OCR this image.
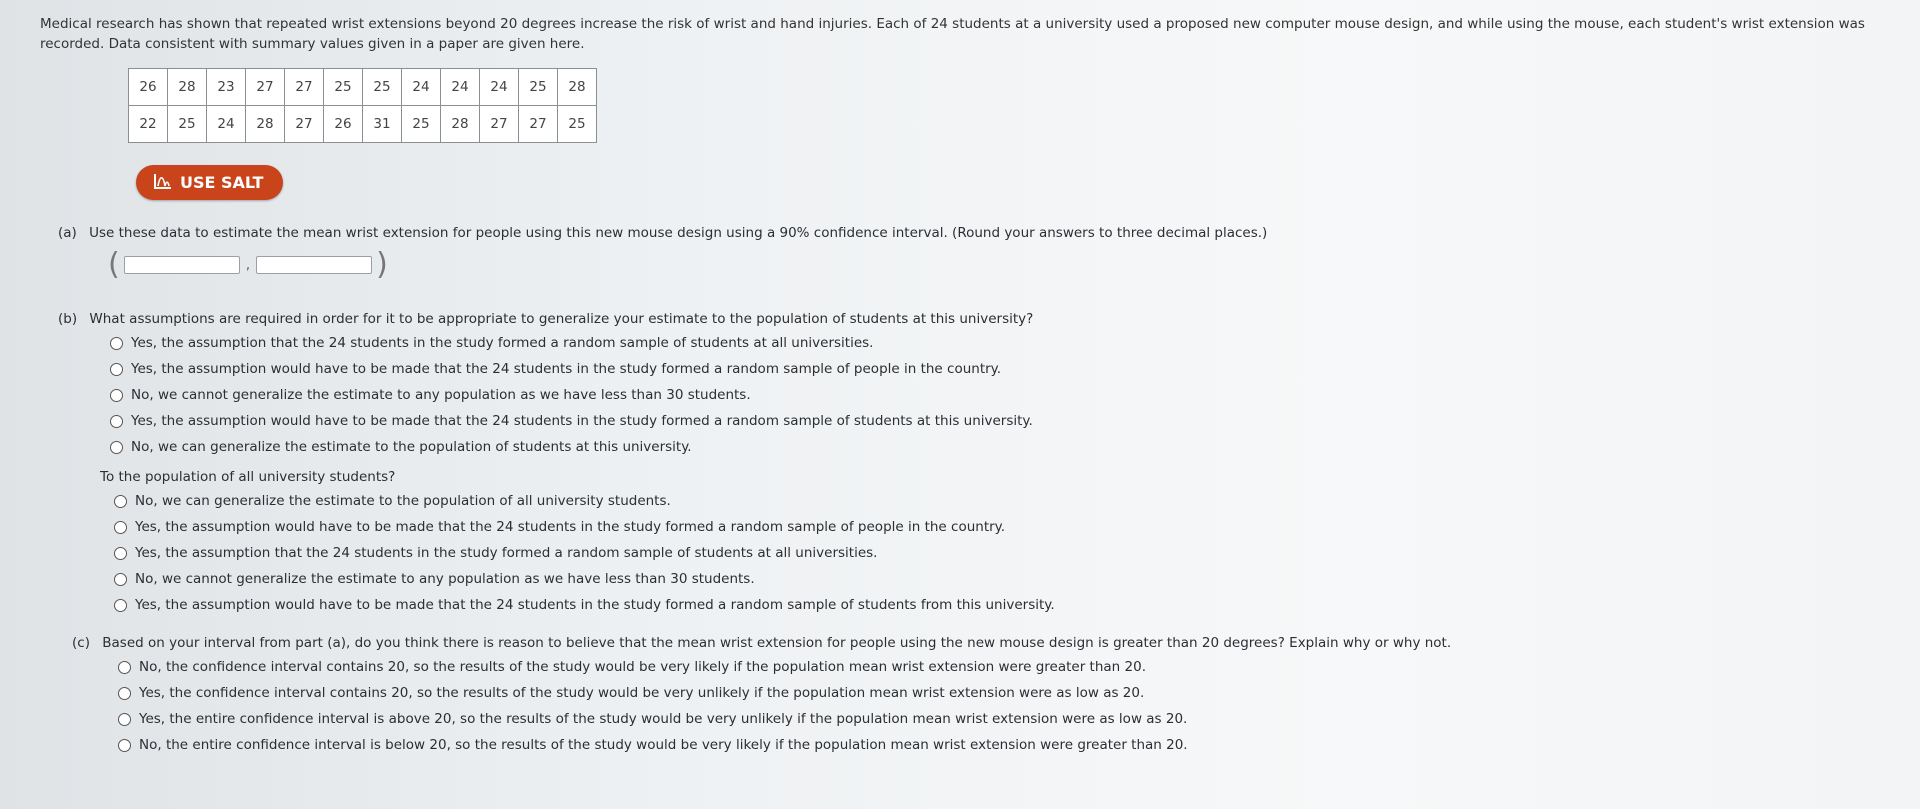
Medical research has shown that repeated wrist extensions beyond 20 degrees increase the risk of wrist and hand injuries. Each of 24 students at a university used a proposed new computer mouse design, and while using the mouse, each student's wrist extension was recorded. Data consistent with summary values given in a paper are given here.

26	28	23	27	27	25	25	24	24	24	25	28
22	25	24	28	27	26	31	25	28	27	27	25
USE SALT
(a) Use these data to estimate the mean wrist extension for people using this new mouse design using a 90% confidence interval. (Round your answers to three decimal places.)
(	,	)
(b) What assumptions are required in order for it to be appropriate to generalize your estimate to the population of students at this university?
Yes, the assumption that the 24 students in the study formed a random sample of students at all universities.
Yes, the assumption would have to be made that the 24 students in the study formed a random sample of people in the country.
No, we cannot generalize the estimate to any population as we have less than 30 students.
Yes, the assumption would have to be made that the 24 students in the study formed a random sample of students at this university.
No, we can generalize the estimate to the population of students at this university.
To the population of all university students?
No, we can generalize the estimate to the population of all university students.
Yes, the assumption would have to be made that the 24 students in the study formed a random sample of people in the country.
Yes, the assumption that the 24 students in the study formed a random sample of students at all universities.
No, we cannot generalize the estimate to any population as we have less than 30 students.
Yes, the assumption would have to be made that the 24 students in the study formed a random sample of students from this university.
(c) Based on your interval from part (a), do you think there is reason to believe that the mean wrist extension for people using the new mouse design is greater than 20 degrees? Explain why or why not.
No, the confidence interval contains 20, so the results of the study would be very likely if the population mean wrist extension were greater than 20.
Yes, the confidence interval contains 20, so the results of the study would be very unlikely if the population mean wrist extension were as low as 20.
Yes, the entire confidence interval is above 20, so the results of the study would be very unlikely if the population mean wrist extension were as low as 20.
No, the entire confidence interval is below 20, so the results of the study would be very likely if the population mean wrist extension were greater than 20.
